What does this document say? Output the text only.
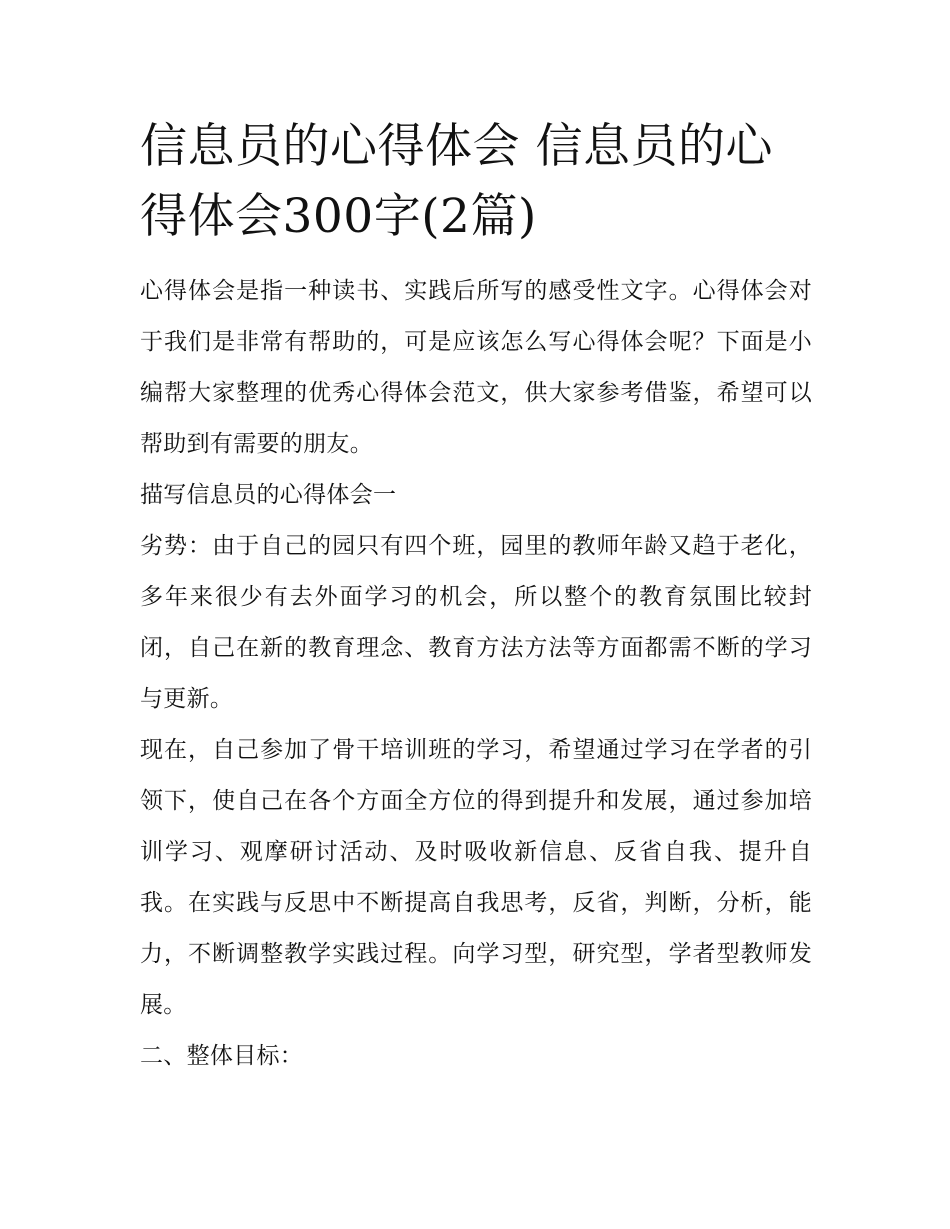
信息员的心得体会 信息员的心得体会300字(2篇)

心得体会是指一种读书、实践后所写的感受性文字。心得体会对于我们是非常有帮助的，可是应该怎么写心得体会呢？下面是小编帮大家整理的优秀心得体会范文，供大家参考借鉴，希望可以帮助到有需要的朋友。

描写信息员的心得体会一

劣势：由于自己的园只有四个班，园里的教师年龄又趋于老化，多年来很少有去外面学习的机会，所以整个的教育氛围比较封闭，自己在新的教育理念、教育方法方法等方面都需不断的学习与更新。

现在，自己参加了骨干培训班的学习，希望通过学习在学者的引领下，使自己在各个方面全方位的得到提升和发展，通过参加培训学习、观摩研讨活动、及时吸收新信息、反省自我、提升自我。在实践与反思中不断提高自我思考，反省，判断，分析，能力，不断调整教学实践过程。向学习型，研究型，学者型教师发展。

二、整体目标：
